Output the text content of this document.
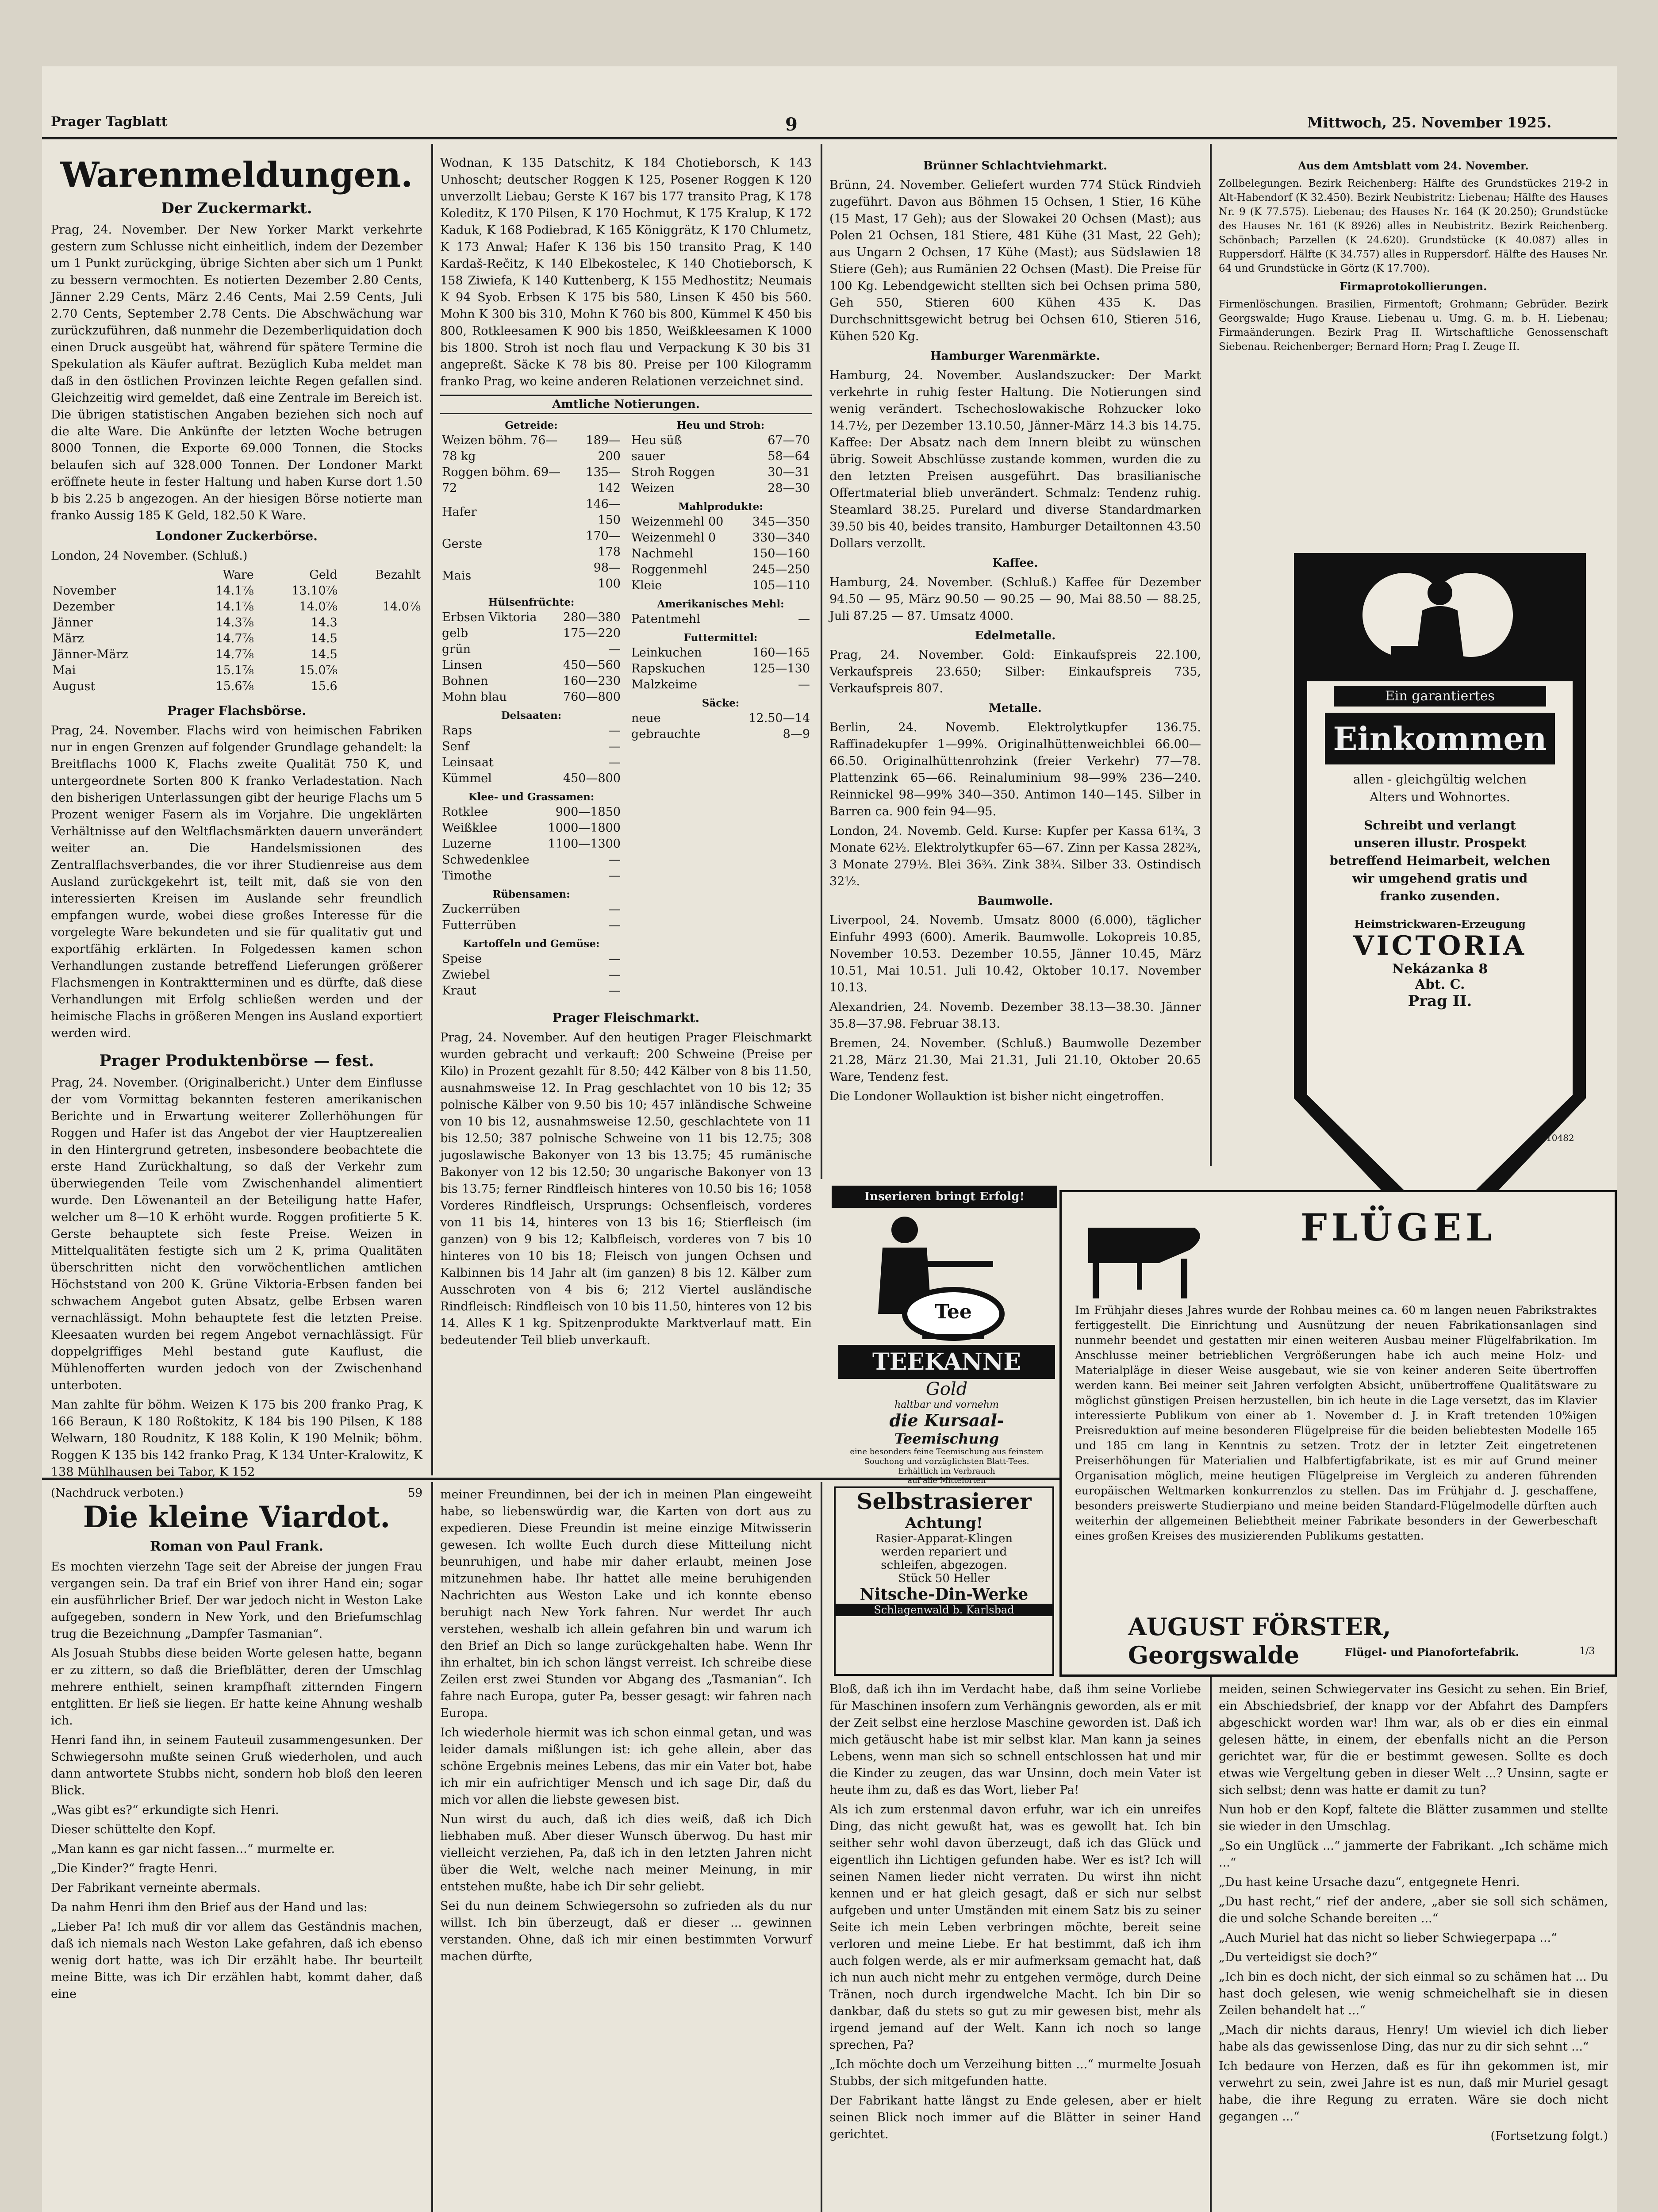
Prager Tagblatt	9	Mittwoch, 25. November 1925.
Warenmeldungen.
Der Zuckermarkt.

Prag, 24. November. Der New Yorker Markt verkehrte gestern zum Schlusse nicht einheitlich, indem der Dezember um 1 Punkt zurückging, übrige Sichten aber sich um 1 Punkt zu bessern vermochten. Es notierten Dezember 2.80 Cents, Jänner 2.29 Cents, März 2.46 Cents, Mai 2.59 Cents, Juli 2.70 Cents, September 2.78 Cents. Die Abschwächung war zurückzuführen, daß nunmehr die Dezemberliquidation doch einen Druck ausgeübt hat, während für spätere Termine die Spekulation als Käufer auftrat. Bezüglich Kuba meldet man daß in den östlichen Provinzen leichte Regen gefallen sind. Gleichzeitig wird gemeldet, daß eine Zentrale im Bereich ist. Die übrigen statistischen Angaben beziehen sich noch auf die alte Ware. Die Ankünfte der letzten Woche betrugen 8000 Tonnen, die Exporte 69.000 Tonnen, die Stocks belaufen sich auf 328.000 Tonnen. Der Londoner Markt eröffnete heute in fester Haltung und haben Kurse dort 1.50 b bis 2.25 b angezogen. An der hiesigen Börse notierte man franko Aussig 185 K Geld, 182.50 K Ware.

Londoner Zuckerbörse.

London, 24 November. (Schluß.)

	Ware	Geld	Bezahlt
November	14.1⅞	13.10⅞	
Dezember	14.1⅞	14.0⅞	14.0⅞
Jänner	14.3⅞	14.3	
März	14.7⅞	14.5	
Jänner-März	14.7⅞	14.5	
Mai	15.1⅞	15.0⅞	
August	15.6⅞	15.6	
Prager Flachsbörse.

Prag, 24. November. Flachs wird von heimischen Fabriken nur in engen Grenzen auf folgender Grundlage gehandelt: la Breitflachs 1000 K, Flachs zweite Qualität 750 K, und untergeordnete Sorten 800 K franko Verladestation. Nach den bisherigen Unterlassungen gibt der heurige Flachs um 5 Prozent weniger Fasern als im Vorjahre. Die ungeklärten Verhältnisse auf den Weltflachsmärkten dauern unverändert weiter an. Die Handelsmissionen des Zentralflachsverbandes, die vor ihrer Studienreise aus dem Ausland zurückgekehrt ist, teilt mit, daß sie von den interessierten Kreisen im Auslande sehr freundlich empfangen wurde, wobei diese großes Interesse für die vorgelegte Ware bekundeten und sie für qualitativ gut und exportfähig erklärten. In Folgedessen kamen schon Verhandlungen zustande betreffend Lieferungen größerer Flachsmengen in Kontraktterminen und es dürfte, daß diese Verhandlungen mit Erfolg schließen werden und der heimische Flachs in größeren Mengen ins Ausland exportiert werden wird.

Prager Produktenbörse — fest.

Prag, 24. November. (Originalbericht.) Unter dem Einflusse der vom Vormittag bekannten festeren amerikanischen Berichte und in Erwartung weiterer Zollerhöhungen für Roggen und Hafer ist das Angebot der vier Hauptzerealien in den Hintergrund getreten, insbesondere beobachtete die erste Hand Zurückhaltung, so daß der Verkehr zum überwiegenden Teile vom Zwischenhandel alimentiert wurde. Den Löwenanteil an der Beteiligung hatte Hafer, welcher um 8—10 K erhöht wurde. Roggen profitierte 5 K. Gerste behauptete sich feste Preise. Weizen in Mittelqualitäten festigte sich um 2 K, prima Qualitäten überschritten nicht den vorwöchentlichen amtlichen Höchststand von 200 K. Grüne Viktoria-Erbsen fanden bei schwachem Angebot guten Absatz, gelbe Erbsen waren vernachlässigt. Mohn behauptete fest die letzten Preise. Kleesaaten wurden bei regem Angebot vernachlässigt. Für doppelgriffiges Mehl bestand gute Kauflust, die Mühlenofferten wurden jedoch von der Zwischenhand unterboten.

Man zahlte für böhm. Weizen K 175 bis 200 franko Prag, K 166 Beraun, K 180 Roßtokitz, K 184 bis 190 Pilsen, K 188 Welwarn, 180 Roudnitz, K 188 Kolin, K 190 Melnik; böhm. Roggen K 135 bis 142 franko Prag, K 134 Unter-Kralowitz, K 138 Mühlhausen bei Tabor, K 152

Wodnan, K 135 Datschitz, K 184 Chotieborsch, K 143 Unhoscht; deutscher Roggen K 125, Posener Roggen K 120 unverzollt Liebau; Gerste K 167 bis 177 transito Prag, K 178 Koleditz, K 170 Pilsen, K 170 Hochmut, K 175 Kralup, K 172 Kaduk, K 168 Podiebrad, K 165 Königgrätz, K 170 Chlumetz, K 173 Anwal; Hafer K 136 bis 150 transito Prag, K 140 Kardaš-Rečitz, K 140 Elbekostelec, K 140 Chotieborsch, K 158 Ziwiefa, K 140 Kuttenberg, K 155 Medhostitz; Neumais K 94 Syob. Erbsen K 175 bis 580, Linsen K 450 bis 560. Mohn K 300 bis 310, Mohn K 760 bis 800, Kümmel K 450 bis 800, Rotkleesamen K 900 bis 1850, Weißkleesamen K 1000 bis 1800. Stroh ist noch flau und Verpackung K 30 bis 31 angepreßt. Säcke K 78 bis 80. Preise per 100 Kilogramm franko Prag, wo keine anderen Relationen verzeichnet sind.

Amtliche Notierungen.
Getreide:
Weizen böhm. 76—78 kg	189—200
Roggen böhm. 69—72	135—142
Hafer	146—150
Gerste	170—178
Mais	98—100
Hülsenfrüchte:
Erbsen Viktoria	280—380
gelb	175—220
grün	—
Linsen	450—560
Bohnen	160—230
Mohn blau	760—800
Delsaaten:
Raps	—
Senf	—
Leinsaat	—
Kümmel	450—800
Klee- und Grassamen:
Rotklee	900—1850
Weißklee	1000—1800
Luzerne	1100—1300
Schwedenklee	—
Timothe	—
Rübensamen:
Zuckerrüben	—
Futterrüben	—
Kartoffeln und Gemüse:
Speise	—
Zwiebel	—
Kraut	—
Heu und Stroh:
Heu süß	67—70
sauer	58—64
Stroh Roggen	30—31
Weizen	28—30
Mahlprodukte:
Weizenmehl 00	345—350
Weizenmehl 0	330—340
Nachmehl	150—160
Roggenmehl	245—250
Kleie	105—110
Amerikanisches Mehl:
Patentmehl	—
Futtermittel:
Leinkuchen	160—165
Rapskuchen	125—130
Malzkeime	—
Säcke:
neue	12.50—14
gebrauchte	8—9
Prager Fleischmarkt.

Prag, 24. November. Auf den heutigen Prager Fleischmarkt wurden gebracht und verkauft: 200 Schweine (Preise per Kilo) in Prozent gezahlt für 8.50; 442 Kälber von 8 bis 11.50, ausnahmsweise 12. In Prag geschlachtet von 10 bis 12; 35 polnische Kälber von 9.50 bis 10; 457 inländische Schweine von 10 bis 12, ausnahmsweise 12.50, geschlachtete von 11 bis 12.50; 387 polnische Schweine von 11 bis 12.75; 308 jugoslawische Bakonyer von 13 bis 13.75; 45 rumänische Bakonyer von 12 bis 12.50; 30 ungarische Bakonyer von 13 bis 13.75; ferner Rindfleisch hinteres von 10.50 bis 16; 1058 Vorderes Rindfleisch, Ursprungs: Ochsenfleisch, vorderes von 11 bis 14, hinteres von 13 bis 16; Stierfleisch (im ganzen) von 9 bis 12; Kalbfleisch, vorderes von 7 bis 10 hinteres von 10 bis 18; Fleisch von jungen Ochsen und Kalbinnen bis 14 Jahr alt (im ganzen) 8 bis 12. Kälber zum Ausschroten von 4 bis 6; 212 Viertel ausländische Rindfleisch: Rindfleisch von 10 bis 11.50, hinteres von 12 bis 14. Alles K 1 kg. Spitzenprodukte Marktverlauf matt. Ein bedeutender Teil blieb unverkauft.

Brünner Schlachtviehmarkt.

Brünn, 24. November. Geliefert wurden 774 Stück Rindvieh zugeführt. Davon aus Böhmen 15 Ochsen, 1 Stier, 16 Kühe (15 Mast, 17 Geh); aus der Slowakei 20 Ochsen (Mast); aus Polen 21 Ochsen, 181 Stiere, 481 Kühe (31 Mast, 22 Geh); aus Ungarn 2 Ochsen, 17 Kühe (Mast); aus Südslawien 18 Stiere (Geh); aus Rumänien 22 Ochsen (Mast). Die Preise für 100 Kg. Lebendgewicht stellten sich bei Ochsen prima 580, Geh 550, Stieren 600 Kühen 435 K. Das Durchschnittsgewicht betrug bei Ochsen 610, Stieren 516, Kühen 520 Kg.

Hamburger Warenmärkte.

Hamburg, 24. November. Auslandszucker: Der Markt verkehrte in ruhig fester Haltung. Die Notierungen sind wenig verändert. Tschechoslowakische Rohzucker loko 14.7½, per Dezember 13.10.50, Jänner-März 14.3 bis 14.75. Kaffee: Der Absatz nach dem Innern bleibt zu wünschen übrig. Soweit Abschlüsse zustande kommen, wurden die zu den letzten Preisen ausgeführt. Das brasilianische Offertmaterial blieb unverändert. Schmalz: Tendenz ruhig. Steamlard 38.25. Purelard und diverse Standardmarken 39.50 bis 40, beides transito, Hamburger Detailtonnen 43.50 Dollars verzollt.

Kaffee.

Hamburg, 24. November. (Schluß.) Kaffee für Dezember 94.50 — 95, März 90.50 — 90.25 — 90, Mai 88.50 — 88.25, Juli 87.25 — 87. Umsatz 4000.

Edelmetalle.

Prag, 24. November. Gold: Einkaufspreis 22.100, Verkaufspreis 23.650; Silber: Einkaufspreis 735, Verkaufspreis 807.

Metalle.

Berlin, 24. Novemb. Elektrolytkupfer 136.75. Raffinadekupfer 1—99%. Originalhüttenweichblei 66.00—66.50. Originalhüttenrohzink (freier Verkehr) 77—78. Plattenzink 65—66. Reinaluminium 98—99% 236—240. Reinnickel 98—99% 340—350. Antimon 140—145. Silber in Barren ca. 900 fein 94—95.

London, 24. Novemb. Geld. Kurse: Kupfer per Kassa 61¾, 3 Monate 62½. Elektrolytkupfer 65—67. Zinn per Kassa 282¾, 3 Monate 279½. Blei 36¾. Zink 38¾. Silber 33. Ostindisch 32½.

Baumwolle.

Liverpool, 24. Novemb. Umsatz 8000 (6.000), täglicher Einfuhr 4993 (600). Amerik. Baumwolle. Lokopreis 10.85, November 10.53. Dezember 10.55, Jänner 10.45, März 10.51, Mai 10.51. Juli 10.42, Oktober 10.17. November 10.13.

Alexandrien, 24. Novemb. Dezember 38.13—38.30. Jänner 35.8—37.98. Februar 38.13.

Bremen, 24. November. (Schluß.) Baumwolle Dezember 21.28, März 21.30, Mai 21.31, Juli 21.10, Oktober 20.65 Ware, Tendenz fest.

Die Londoner Wollauktion ist bisher nicht eingetroffen.

Aus dem Amtsblatt vom 24. November.

Zollbelegungen. Bezirk Reichenberg: Hälfte des Grundstückes 219-2 in Alt-Habendorf (K 32.450). Bezirk Neubistritz: Liebenau; Hälfte des Hauses Nr. 9 (K 77.575). Liebenau; des Hauses Nr. 164 (K 20.250); Grundstücke des Hauses Nr. 161 (K 8926) alles in Neubistritz. Bezirk Reichenberg. Schönbach; Parzellen (K 24.620). Grundstücke (K 40.087) alles in Ruppersdorf. Hälfte (K 34.757) alles in Ruppersdorf. Hälfte des Hauses Nr. 64 und Grundstücke in Görtz (K 17.700).

Firmaprotokollierungen.

Firmenlöschungen. Brasilien, Firmentoft; Grohmann; Gebrüder. Bezirk Georgswalde; Hugo Krause. Liebenau u. Umg. G. m. b. H. Liebenau; Firmaänderungen. Bezirk Prag II. Wirtschaftliche Genossenschaft Siebenau. Reichenberger; Bernard Horn; Prag I. Zeuge II.

Ein garantiertes
Einkommen
allen - gleichgültig welchen
Alters und Wohnortes.
Schreibt und verlangt
unseren illustr. Prospekt
betreffend Heimarbeit, welchen
wir umgehend gratis und
franko zusenden.
Heimstrickwaren-Erzeugung
VICTORIA
Nekázanka 8
Abt. C.
Prag II.
10482
Inserieren bringt Erfolg!
Tee
TEEKANNE
Gold
haltbar und vornehm
die Kursaal-
Teemischung
eine besonders feine Teemischung aus feinstem Souchong und vorzüglichsten Blatt-Tees.
Erhältlich im Verbrauch
auf alle Mittelorten
Selbstrasierer
Achtung!
Rasier-Apparat-Klingen
werden repariert und
schleifen, abgezogen.
Stück 50 Heller
Nitsche-Din-Werke
Schlagenwald b. Karlsbad
FLÜGEL
Im Frühjahr dieses Jahres wurde der Rohbau meines ca. 60 m langen neuen Fabrikstraktes fertiggestellt. Die Einrichtung und Ausnützung der neuen Fabrikationsanlagen sind nunmehr beendet und gestatten mir einen weiteren Ausbau meiner Flügelfabrikation. Im Anschlusse meiner betrieblichen Vergrößerungen habe ich auch meine Holz- und Materialpläge in dieser Weise ausgebaut, wie sie von keiner anderen Seite übertroffen werden kann. Bei meiner seit Jahren verfolgten Absicht, unübertroffene Qualitätsware zu möglichst günstigen Preisen herzustellen, bin ich heute in die Lage versetzt, das im Klavier interessierte Publikum von einer ab 1. November d. J. in Kraft tretenden 10%igen Preisreduktion auf meine besonderen Flügelpreise für die beiden beliebtesten Modelle 165 und 185 cm lang in Kenntnis zu setzen. Trotz der in letzter Zeit eingetretenen Preiserhöhungen für Materialien und Halbfertigfabrikate, ist es mir auf Grund meiner Organisation möglich, meine heutigen Flügelpreise im Vergleich zu anderen führenden europäischen Weltmarken konkurrenzlos zu stellen. Das im Frühjahr d. J. geschaffene, besonders preiswerte Studierpiano und meine beiden Standard-Flügelmodelle dürften auch weiterhin der allgemeinen Beliebtheit meiner Fabrikate besonders in der Gewerbeschaft eines großen Kreises des musizierenden Publikums gestatten.
AUGUST FÖRSTER, Georgswalde	Flügel- und Pianofortefabrik.	1/3
(Nachdruck verboten.)	59
Die kleine Viardot.
Roman von Paul Frank.

Es mochten vierzehn Tage seit der Abreise der jungen Frau vergangen sein. Da traf ein Brief von ihrer Hand ein; sogar ein ausführlicher Brief. Der war jedoch nicht in Weston Lake aufgegeben, sondern in New York, und den Briefumschlag trug die Bezeichnung „Dampfer Tasmanian“.

Als Josuah Stubbs diese beiden Worte gelesen hatte, begann er zu zittern, so daß die Briefblätter, deren der Umschlag mehrere enthielt, seinen krampfhaft zitternden Fingern entglitten. Er ließ sie liegen. Er hatte keine Ahnung weshalb ich.

Henri fand ihn, in seinem Fauteuil zusammengesunken. Der Schwiegersohn mußte seinen Gruß wiederholen, und auch dann antwortete Stubbs nicht, sondern hob bloß den leeren Blick.

„Was gibt es?“ erkundigte sich Henri.

Dieser schüttelte den Kopf.

„Man kann es gar nicht fassen...“ murmelte er.

„Die Kinder?“ fragte Henri.

Der Fabrikant verneinte abermals.

Da nahm Henri ihm den Brief aus der Hand und las:

„Lieber Pa! Ich muß dir vor allem das Geständnis machen, daß ich niemals nach Weston Lake gefahren, daß ich ebenso wenig dort hatte, was ich Dir erzählt habe. Ihr beurteilt meine Bitte, was ich Dir erzählen habt, kommt daher, daß eine

meiner Freundinnen, bei der ich in meinen Plan eingeweiht habe, so liebenswürdig war, die Karten von dort aus zu expedieren. Diese Freundin ist meine einzige Mitwisserin gewesen. Ich wollte Euch durch diese Mitteilung nicht beunruhigen, und habe mir daher erlaubt, meinen Jose mitzunehmen habe. Ihr hattet alle meine beruhigenden Nachrichten aus Weston Lake und ich konnte ebenso beruhigt nach New York fahren. Nur werdet Ihr auch verstehen, weshalb ich allein gefahren bin und warum ich den Brief an Dich so lange zurückgehalten habe. Wenn Ihr ihn erhaltet, bin ich schon längst verreist. Ich schreibe diese Zeilen erst zwei Stunden vor Abgang des „Tasmanian“. Ich fahre nach Europa, guter Pa, besser gesagt: wir fahren nach Europa.

Ich wiederhole hiermit was ich schon einmal getan, und was leider damals mißlungen ist: ich gehe allein, aber das schöne Ergebnis meines Lebens, das mir ein Vater bot, habe ich mir ein aufrichtiger Mensch und ich sage Dir, daß du mich vor allen die liebste gewesen bist.

Nun wirst du auch, daß ich dies weiß, daß ich Dich liebhaben muß. Aber dieser Wunsch überwog. Du hast mir vielleicht verziehen, Pa, daß ich in den letzten Jahren nicht über die Welt, welche nach meiner Meinung, in mir entstehen mußte, habe ich Dir sehr geliebt.

Sei du nun deinem Schwiegersohn so zufrieden als du nur willst. Ich bin überzeugt, daß er dieser ... gewinnen verstanden. Ohne, daß ich mir einen bestimmten Vorwurf machen dürfte,

Bloß, daß ich ihn im Verdacht habe, daß ihm seine Vorliebe für Maschinen insofern zum Verhängnis geworden, als er mit der Zeit selbst eine herzlose Maschine geworden ist. Daß ich mich getäuscht habe ist mir selbst klar. Man kann ja seines Lebens, wenn man sich so schnell entschlossen hat und mir die Kinder zu zeugen, das war Unsinn, doch mein Vater ist heute ihm zu, daß es das Wort, lieber Pa!

Als ich zum erstenmal davon erfuhr, war ich ein unreifes Ding, das nicht gewußt hat, was es gewollt hat. Ich bin seither sehr wohl davon überzeugt, daß ich das Glück und eigentlich ihn Lichtigen gefunden habe. Wer es ist? Ich will seinen Namen lieder nicht verraten. Du wirst ihn nicht kennen und er hat gleich gesagt, daß er sich nur selbst aufgeben und unter Umständen mit einem Satz bis zu seiner Seite ich mein Leben verbringen möchte, bereit seine verloren und meine Liebe. Er hat bestimmt, daß ich ihm auch folgen werde, als er mir aufmerksam gemacht hat, daß ich nun auch nicht mehr zu entgehen vermöge, durch Deine Tränen, noch durch irgendwelche Macht. Ich bin Dir so dankbar, daß du stets so gut zu mir gewesen bist, mehr als irgend jemand auf der Welt. Kann ich noch so lange sprechen, Pa?

„Ich möchte doch um Verzeihung bitten ...“ murmelte Josuah Stubbs, der sich mitgefunden hatte.

Der Fabrikant hatte längst zu Ende gelesen, aber er hielt seinen Blick noch immer auf die Blätter in seiner Hand gerichtet.

meiden, seinen Schwiegervater ins Gesicht zu sehen. Ein Brief, ein Abschiedsbrief, der knapp vor der Abfahrt des Dampfers abgeschickt worden war! Ihm war, als ob er dies ein einmal gelesen hätte, in einem, der ebenfalls nicht an die Person gerichtet war, für die er bestimmt gewesen. Sollte es doch etwas wie Vergeltung geben in dieser Welt ...? Unsinn, sagte er sich selbst; denn was hatte er damit zu tun?

Nun hob er den Kopf, faltete die Blätter zusammen und stellte sie wieder in den Umschlag.

„So ein Unglück ...“ jammerte der Fabrikant. „Ich schäme mich ...“

„Du hast keine Ursache dazu“, entgegnete Henri.

„Du hast recht,“ rief der andere, „aber sie soll sich schämen, die und solche Schande bereiten ...“

„Auch Muriel hat das nicht so lieber Schwiegerpapa ...“

„Du verteidigst sie doch?“

„Ich bin es doch nicht, der sich einmal so zu schämen hat ... Du hast doch gelesen, wie wenig schmeichelhaft sie in diesen Zeilen behandelt hat ...“

„Mach dir nichts daraus, Henry! Um wieviel ich dich lieber habe als das gewissenlose Ding, das nur zu dir sich sehnt ...“

Ich bedaure von Herzen, daß es für ihn gekommen ist, mir verwehrt zu sein, zwei Jahre ist es nun, daß mir Muriel gesagt habe, die ihre Regung zu erraten. Wäre sie doch nicht gegangen ...“

(Fortsetzung folgt.)
